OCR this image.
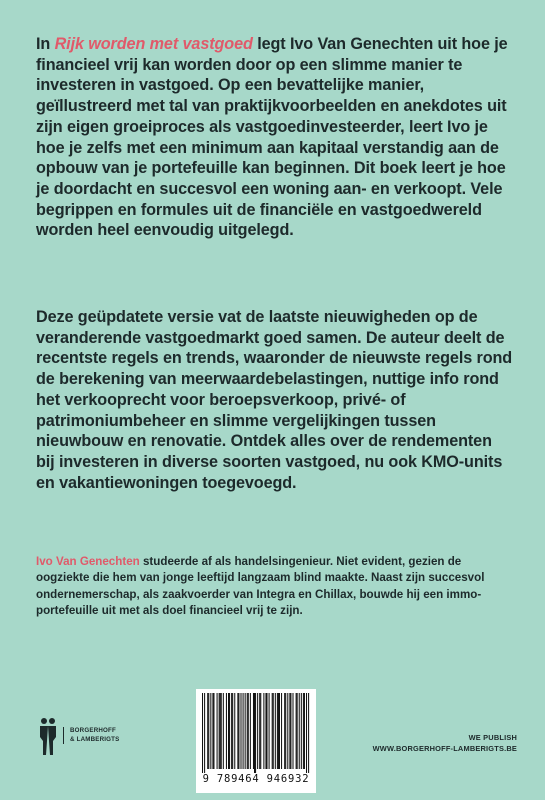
In Rijk worden met vastgoed legt Ivo Van Genechten uit hoe je financieel vrij kan worden door op een slimme manier te investeren in vastgoed. Op een bevattelijke manier, geïllustreerd met tal van praktijkvoorbeelden en anekdotes uit zijn eigen groeiproces als vastgoedinvesteerder, leert Ivo je hoe je zelfs met een minimum aan kapitaal verstandig aan de opbouw van je portefeuille kan beginnen. Dit boek leert je hoe je doordacht en succesvol een woning aan- en verkoopt. Vele begrippen en formules uit de financiële en vastgoedwereld worden heel eenvoudig uitgelegd.

Deze geüpdatete versie vat de laatste nieuwigheden op de veranderende vastgoedmarkt goed samen. De auteur deelt de recentste regels en trends, waaronder de nieuwste regels rond de berekening van meerwaardebelastingen, nuttige info rond het verkooprecht voor beroepsverkoop, privé- of patrimoniumbeheer en slimme vergelijkingen tussen nieuwbouw en renovatie. Ontdek alles over de rendementen bij investeren in diverse soorten vastgoed, nu ook KMO-units en vakantiewoningen toegevoegd.

Ivo Van Genechten studeerde af als handelsingenieur. Niet evident, gezien de oogziekte die hem van jonge leeftijd langzaam blind maakte. Naast zijn succesvol ondernemerschap, als zaakvoerder van Integra en Chillax, bouwde hij een immo-portefeuille uit met als doel financieel vrij te zijn.

BORGERHOFF
& LAMBERIGTS
9 789464 946932
WE PUBLISH
WWW.BORGERHOFF-LAMBERIGTS.BE
